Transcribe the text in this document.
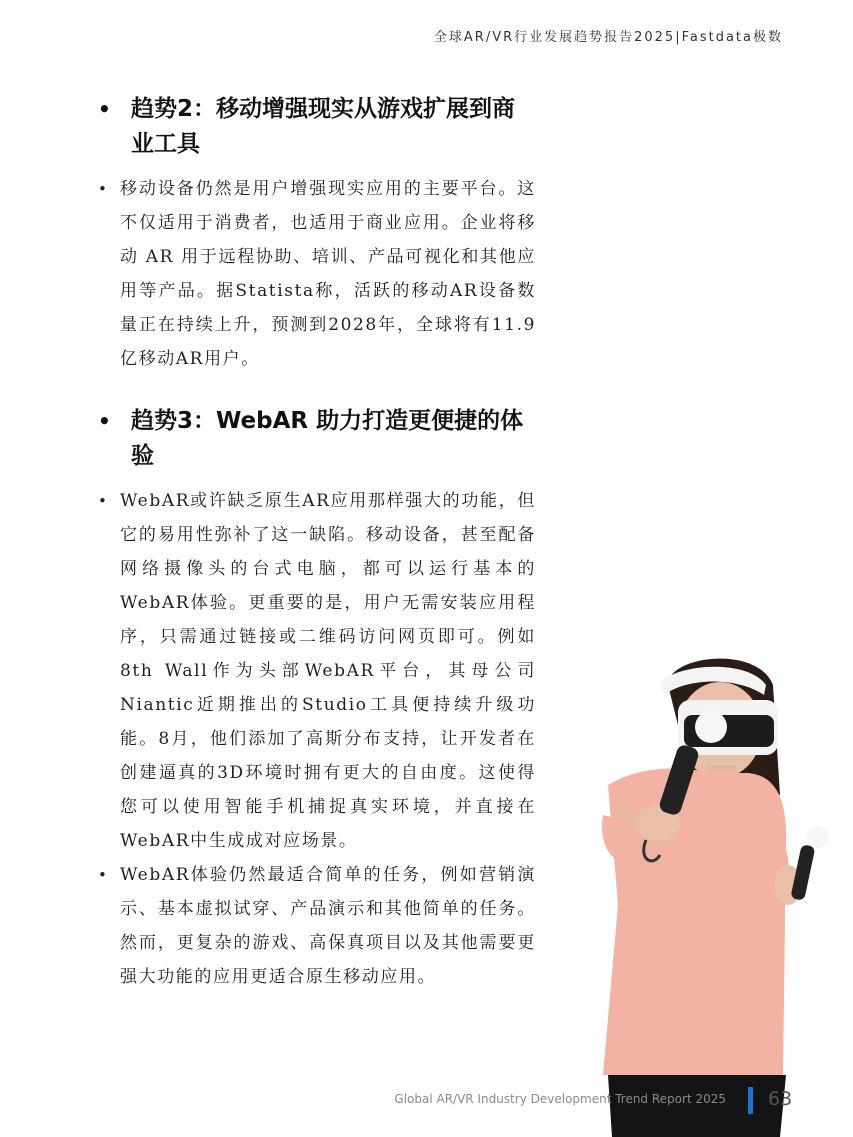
全球AR/VR行业发展趋势报告2025|Fastdata极数
• 趋势2：移动增强现实从游戏扩展到商业工具
• 移动设备仍然是用户增强现实应用的主要平台。这不仅适用于消费者，也适用于商业应用。企业将移动 AR 用于远程协助、培训、产品可视化和其他应用等产品。据Statista称，活跃的移动AR设备数量正在持续上升，预测到2028年，全球将有11.9亿移动AR用户。
• 趋势3：WebAR 助力打造更便捷的体验
• WebAR或许缺乏原生AR应用那样强大的功能，但它的易用性弥补了这一缺陷。移动设备，甚至配备网络摄像头的台式电脑，都可以运行基本的WebAR体验。更重要的是，用户无需安装应用程序，只需通过链接或二维码访问网页即可。例如8th Wall作为头部WebAR平台，其母公司Niantic近期推出的Studio工具便持续升级功能。8月，他们添加了高斯分布支持，让开发者在创建逼真的3D环境时拥有更大的自由度。这使得您可以使用智能手机捕捉真实环境，并直接在WebAR中生成成对应场景。
• WebAR体验仍然最适合简单的任务，例如营销演示、基本虚拟试穿、产品演示和其他简单的任务。然而，更复杂的游戏、高保真项目以及其他需要更强大功能的应用更适合原生移动应用。
Global AR/VR Industry Development Trend Report 2025 63
